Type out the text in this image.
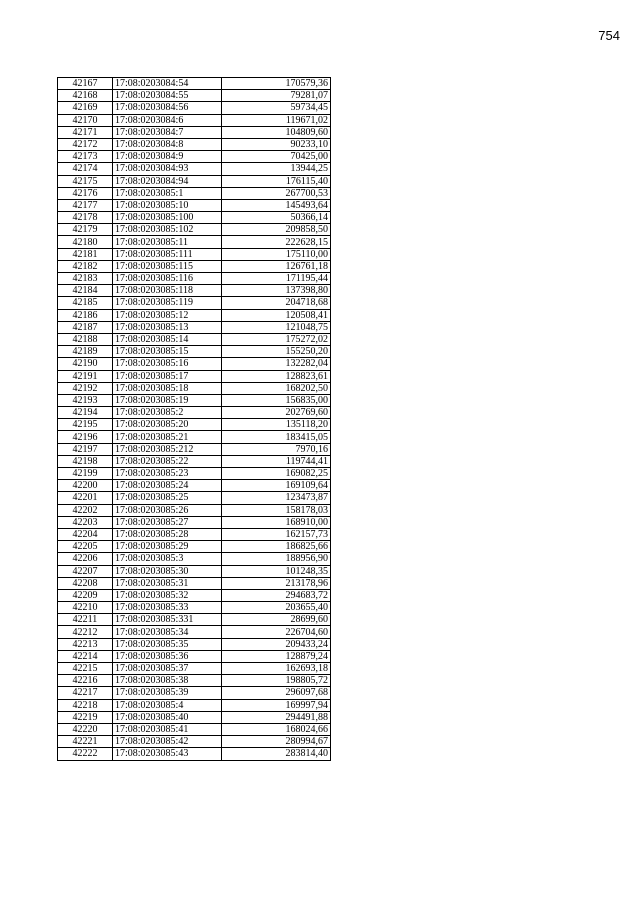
754
42167	17:08:0203084:54	170579,36
42168	17:08:0203084:55	79281,07
42169	17:08:0203084:56	59734,45
42170	17:08:0203084:6	119671,02
42171	17:08:0203084:7	104809,60
42172	17:08:0203084:8	90233,10
42173	17:08:0203084:9	70425,00
42174	17:08:0203084:93	13944,25
42175	17:08:0203084:94	176115,40
42176	17:08:0203085:1	267700,53
42177	17:08:0203085:10	145493,64
42178	17:08:0203085:100	50366,14
42179	17:08:0203085:102	209858,50
42180	17:08:0203085:11	222628,15
42181	17:08:0203085:111	175110,00
42182	17:08:0203085:115	126761,18
42183	17:08:0203085:116	171195,44
42184	17:08:0203085:118	137398,80
42185	17:08:0203085:119	204718,68
42186	17:08:0203085:12	120508,41
42187	17:08:0203085:13	121048,75
42188	17:08:0203085:14	175272,02
42189	17:08:0203085:15	155250,20
42190	17:08:0203085:16	132282,04
42191	17:08:0203085:17	128823,61
42192	17:08:0203085:18	168202,50
42193	17:08:0203085:19	156835,00
42194	17:08:0203085:2	202769,60
42195	17:08:0203085:20	135118,20
42196	17:08:0203085:21	183415,05
42197	17:08:0203085:212	7970,16
42198	17:08:0203085:22	119744,41
42199	17:08:0203085:23	169082,25
42200	17:08:0203085:24	169109,64
42201	17:08:0203085:25	123473,87
42202	17:08:0203085:26	158178,03
42203	17:08:0203085:27	168910,00
42204	17:08:0203085:28	162157,73
42205	17:08:0203085:29	186825,66
42206	17:08:0203085:3	188956,90
42207	17:08:0203085:30	101248,35
42208	17:08:0203085:31	213178,96
42209	17:08:0203085:32	294683,72
42210	17:08:0203085:33	203655,40
42211	17:08:0203085:331	28699,60
42212	17:08:0203085:34	226704,60
42213	17:08:0203085:35	209433,24
42214	17:08:0203085:36	128879,24
42215	17:08:0203085:37	162693,18
42216	17:08:0203085:38	198805,72
42217	17:08:0203085:39	296097,68
42218	17:08:0203085:4	169997,94
42219	17:08:0203085:40	294491,88
42220	17:08:0203085:41	168024,66
42221	17:08:0203085:42	280994,67
42222	17:08:0203085:43	283814,40
